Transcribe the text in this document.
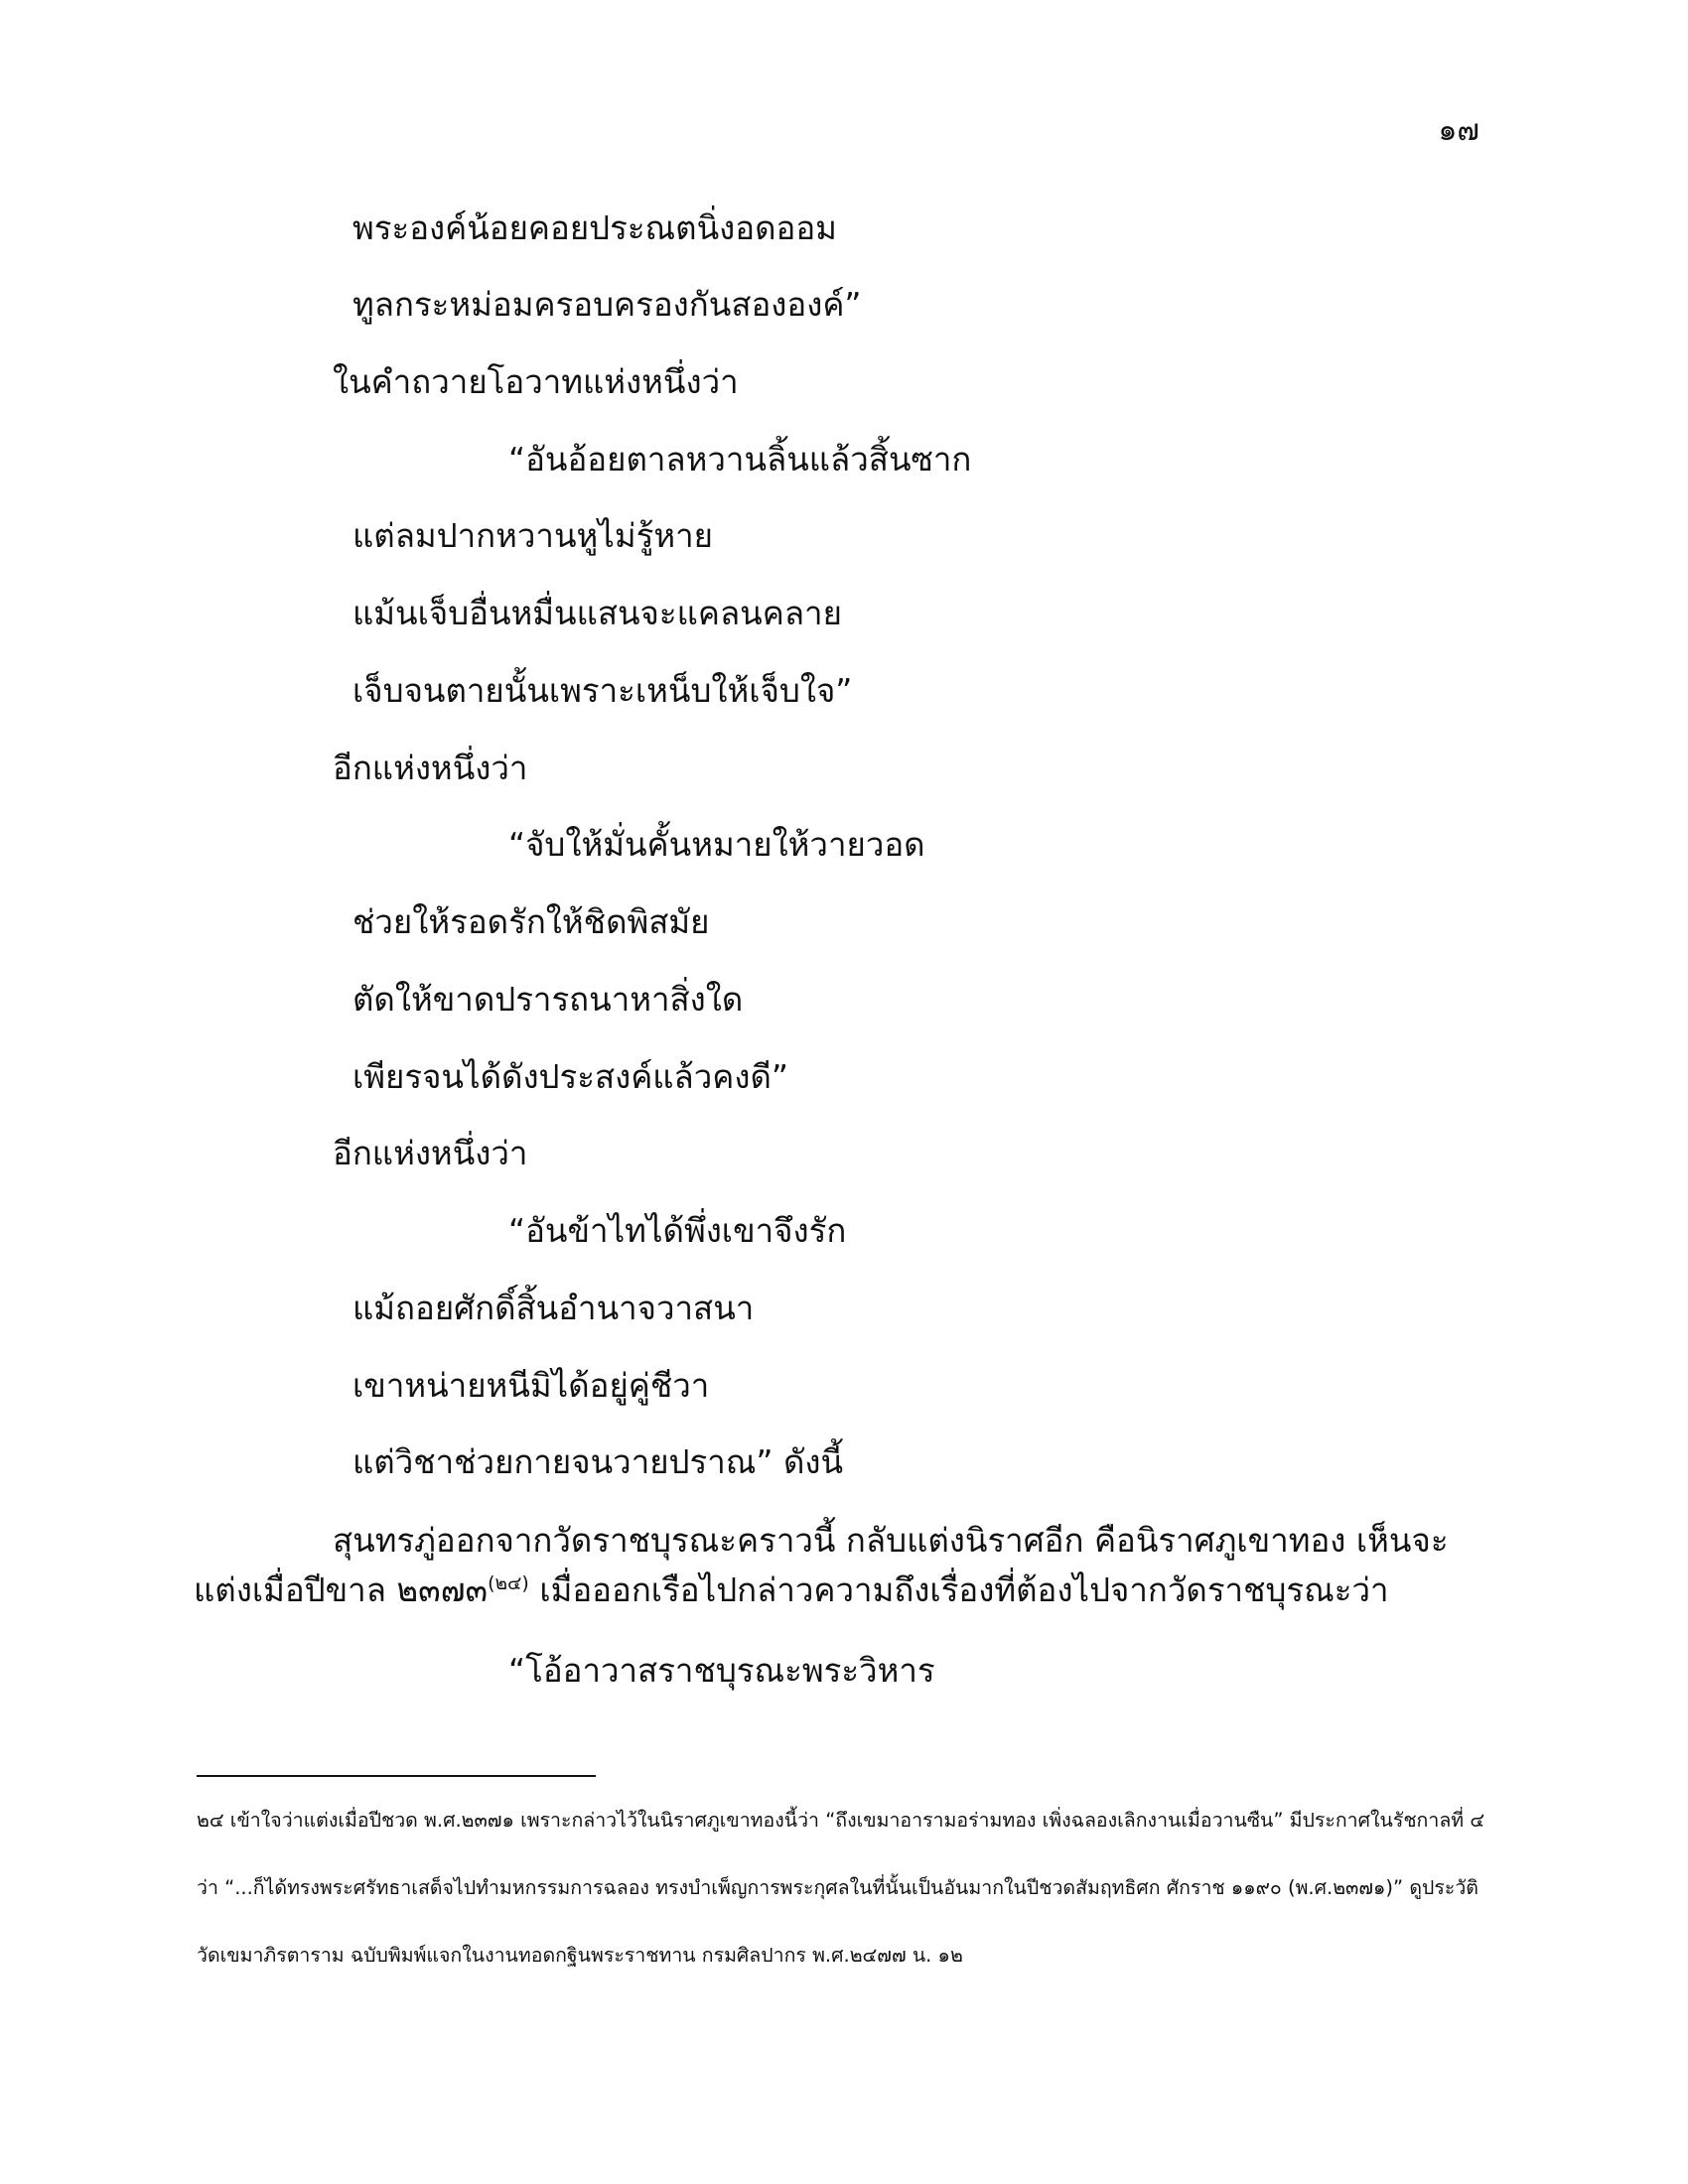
๑๗
พระองค์น้อยคอยประณตนิ่งอดออม
ทูลกระหม่อมครอบครองกันสององค์”
ในคำถวายโอวาทแห่งหนึ่งว่า
“อันอ้อยตาลหวานลิ้นแล้วสิ้นซาก
แต่ลมปากหวานหูไม่รู้หาย
แม้นเจ็บอื่นหมื่นแสนจะแคลนคลาย
เจ็บจนตายนั้นเพราะเหน็บให้เจ็บใจ”
อีกแห่งหนึ่งว่า
“จับให้มั่นคั้นหมายให้วายวอด
ช่วยให้รอดรักให้ชิดพิสมัย
ตัดให้ขาดปรารถนาหาสิ่งใด
เพียรจนได้ดังประสงค์แล้วคงดี”
อีกแห่งหนึ่งว่า
“อันข้าไทได้พึ่งเขาจึงรัก
แม้ถอยศักดิ์สิ้นอำนาจวาสนา
เขาหน่ายหนีมิได้อยู่คู่ชีวา
แต่วิชาช่วยกายจนวายปราณ” ดังนี้
สุนทรภู่ออกจากวัดราชบุรณะคราวนี้ กลับแต่งนิราศอีก คือนิราศภูเขาทอง เห็นจะแต่งเมื่อปีขาล ๒๓๗๓$^{(๒๔)}$ เมื่อออกเรือไปกล่าวความถึงเรื่องที่ต้องไปจากวัดราชบุรณะว่า
“โอ้อาวาสราชบุรณะพระวิหาร
๒๔ เข้าใจว่าแต่งเมื่อปีชวด พ.ศ.๒๓๗๑ เพราะกล่าวไว้ในนิราศภูเขาทองนี้ว่า “ถึงเขมาอารามอร่ามทอง เพิ่งฉลองเลิกงานเมื่อวานซืน” มีประกาศในรัชกาลที่ ๔ ว่า “...ก็ได้ทรงพระศรัทธาเสด็จไปทำมหกรรมการฉลอง ทรงบำเพ็ญการพระกุศลในที่นั้นเป็นอันมากในปีชวดสัมฤทธิศก ศักราช ๑๑๙๐ (พ.ศ.๒๓๗๑)” ดูประวัติวัดเขมาภิรตาราม ฉบับพิมพ์แจกในงานทอดกฐินพระราชทาน กรมศิลปากร พ.ศ.๒๔๗๗ น. ๑๒
